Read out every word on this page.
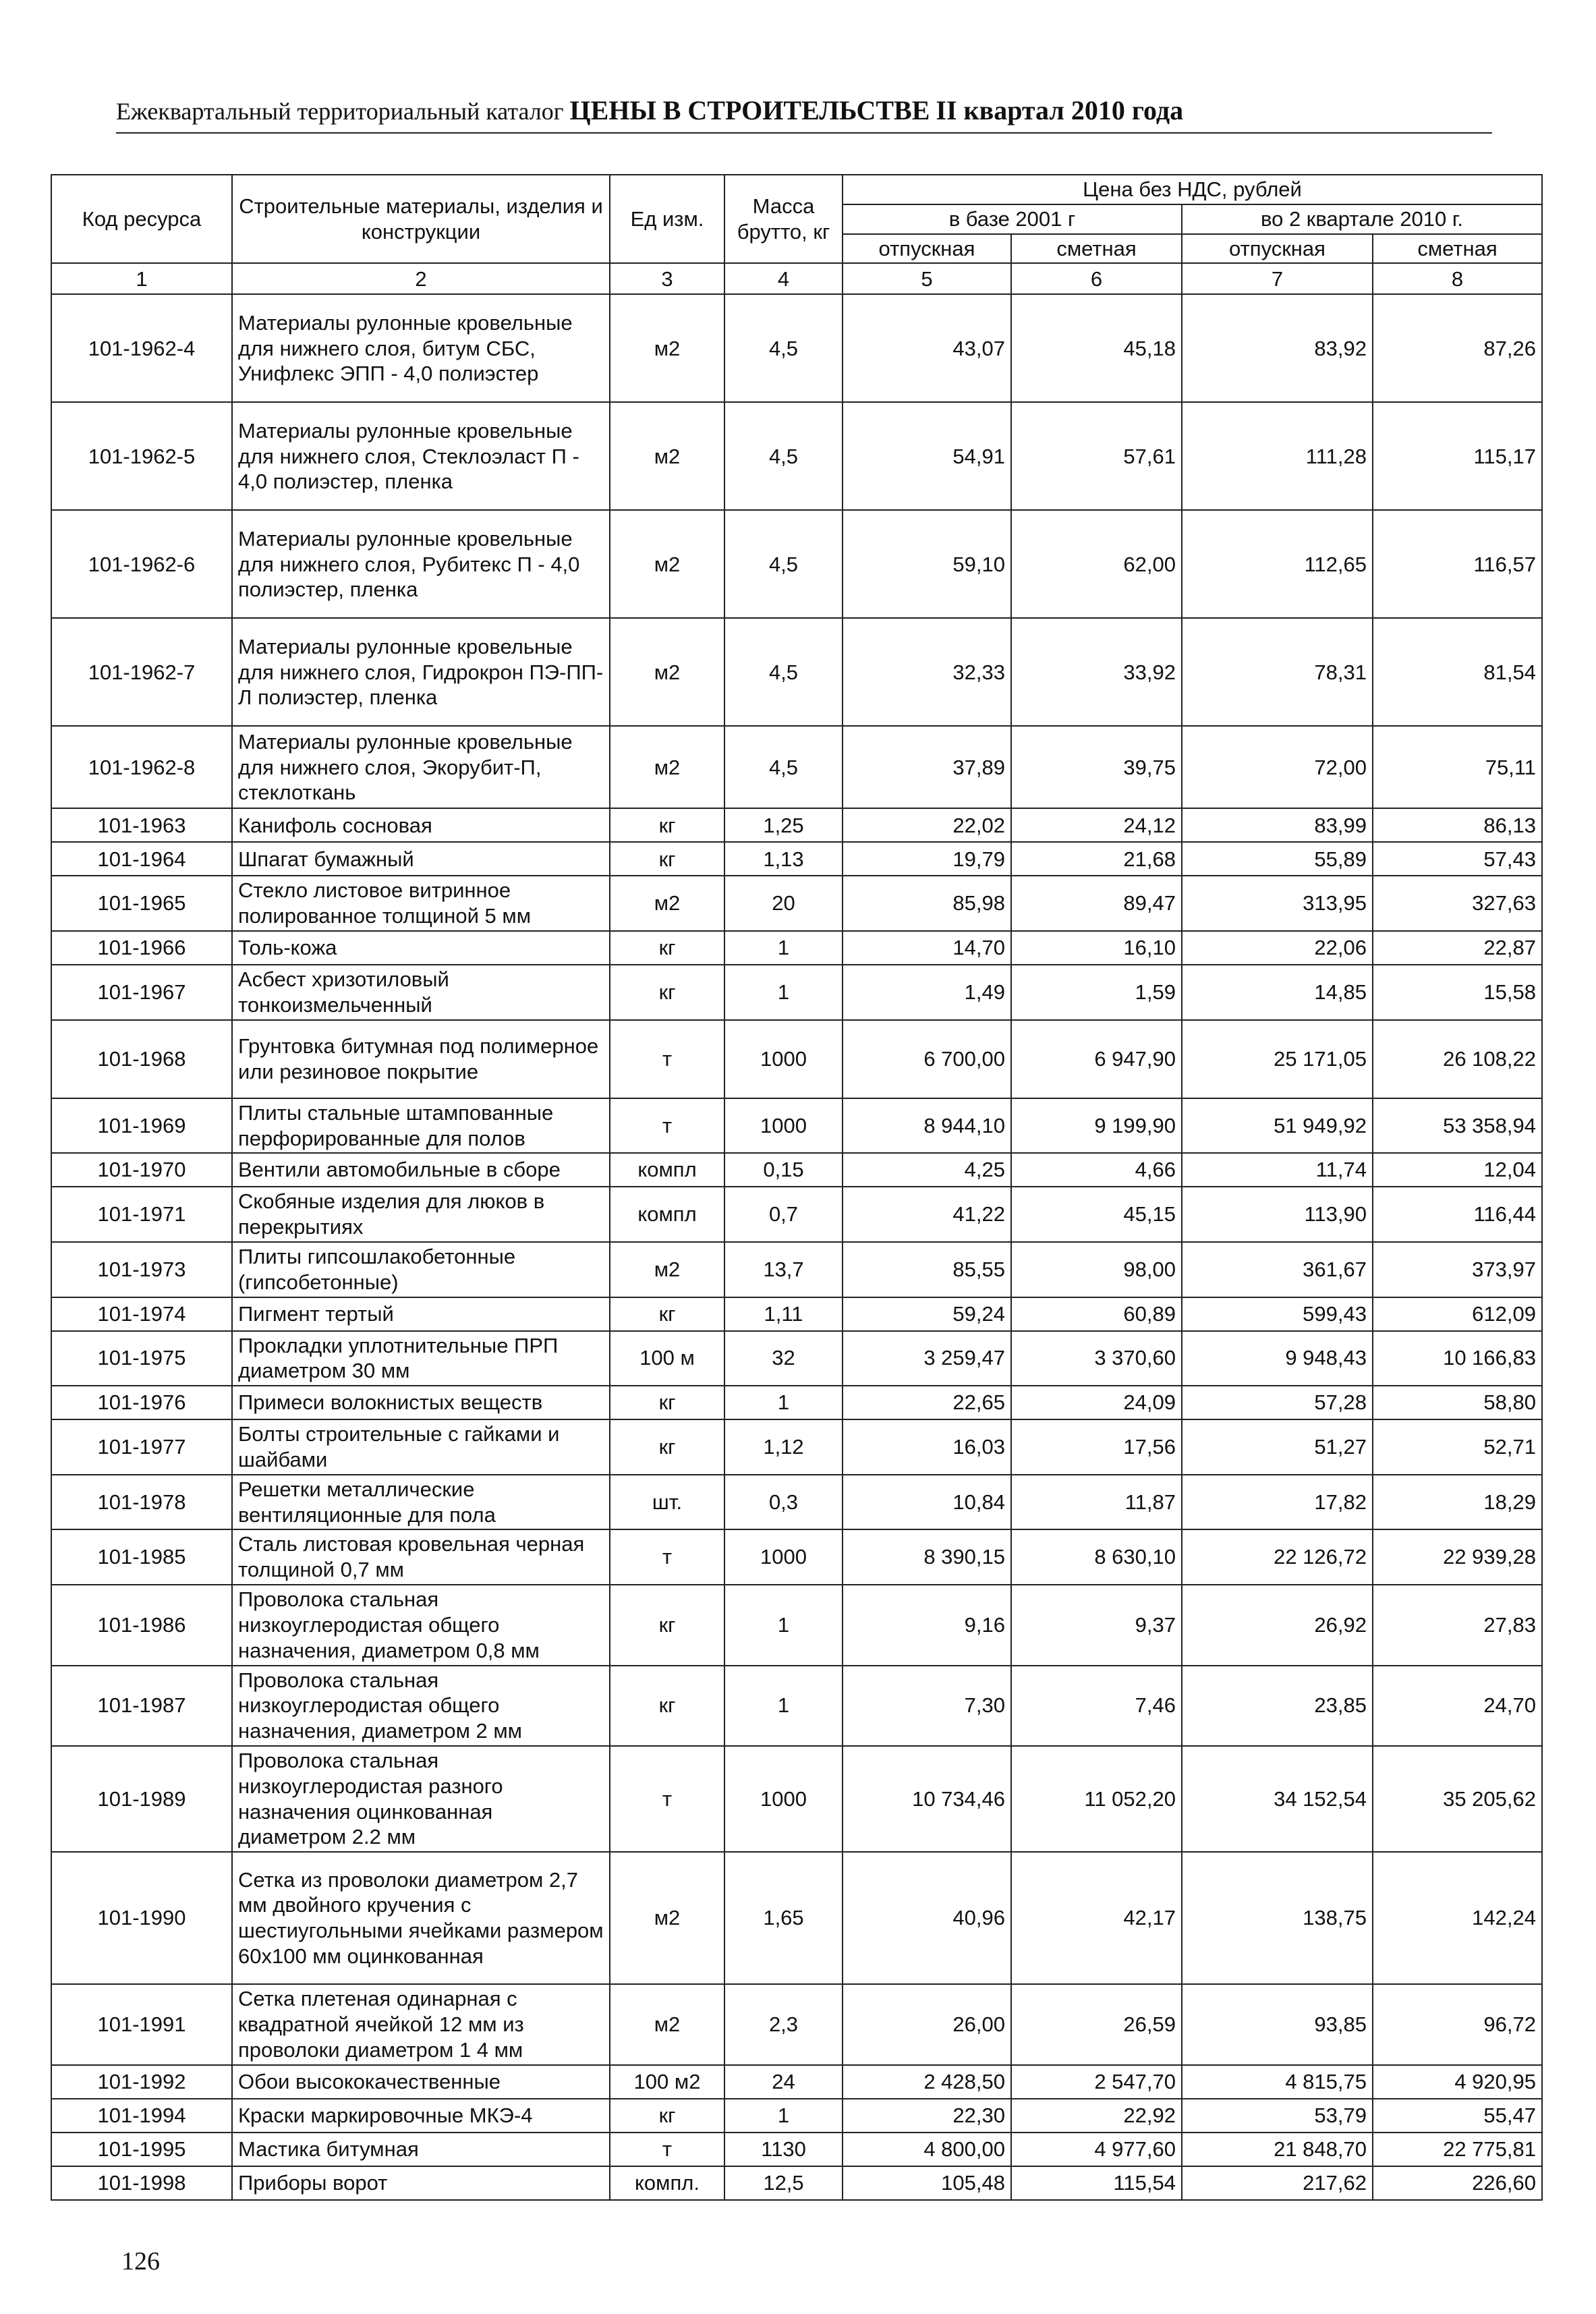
Ежеквартальный территориальный каталог ЦЕНЫ В СТРОИТЕЛЬСТВЕ II квартал 2010 года
Код ресурса	Строительные материалы, изделия и конструкции	Ед изм.	Масса брутто, кг	Цена без НДС, рублей			
				в базе 2001 г		во 2 квартале 2010 г.	
				отпускная	сметная	отпускная	сметная
1	2	3	4	5	6	7	8
101-1962-4	Материалы рулонные кровельные для нижнего слоя, битум СБС, Унифлекс ЭПП - 4,0 полиэстер	м2	4,5	43,07	45,18	83,92	87,26
101-1962-5	Материалы рулонные кровельные для нижнего слоя, Стеклоэласт П - 4,0 полиэстер, пленка	м2	4,5	54,91	57,61	111,28	115,17
101-1962-6	Материалы рулонные кровельные для нижнего слоя, Рубитекс П - 4,0 полиэстер, пленка	м2	4,5	59,10	62,00	112,65	116,57
101-1962-7	Материалы рулонные кровельные для нижнего слоя, Гидрокрон ПЭ-ПП-Л полиэстер, пленка	м2	4,5	32,33	33,92	78,31	81,54
101-1962-8	Материалы рулонные кровельные для нижнего слоя, Экорубит-П, стеклоткань	м2	4,5	37,89	39,75	72,00	75,11
101-1963	Канифоль сосновая	кг	1,25	22,02	24,12	83,99	86,13
101-1964	Шпагат бумажный	кг	1,13	19,79	21,68	55,89	57,43
101-1965	Стекло листовое витринное полированное толщиной 5 мм	м2	20	85,98	89,47	313,95	327,63
101-1966	Толь-кожа	кг	1	14,70	16,10	22,06	22,87
101-1967	Асбест хризотиловый тонкоизмельченный	кг	1	1,49	1,59	14,85	15,58
101-1968	Грунтовка битумная под полимерное или резиновое покрытие	т	1000	6 700,00	6 947,90	25 171,05	26 108,22
101-1969	Плиты стальные штампованные перфорированные для полов	т	1000	8 944,10	9 199,90	51 949,92	53 358,94
101-1970	Вентили автомобильные в сборе	компл	0,15	4,25	4,66	11,74	12,04
101-1971	Скобяные изделия для люков в перекрытиях	компл	0,7	41,22	45,15	113,90	116,44
101-1973	Плиты гипсошлакобетонные (гипсобетонные)	м2	13,7	85,55	98,00	361,67	373,97
101-1974	Пигмент тертый	кг	1,11	59,24	60,89	599,43	612,09
101-1975	Прокладки уплотнительные ПРП диаметром 30 мм	100 м	32	3 259,47	3 370,60	9 948,43	10 166,83
101-1976	Примеси волокнистых веществ	кг	1	22,65	24,09	57,28	58,80
101-1977	Болты строительные с гайками и шайбами	кг	1,12	16,03	17,56	51,27	52,71
101-1978	Решетки металлические вентиляционные для пола	шт.	0,3	10,84	11,87	17,82	18,29
101-1985	Сталь листовая кровельная черная толщиной 0,7 мм	т	1000	8 390,15	8 630,10	22 126,72	22 939,28
101-1986	Проволока стальная низкоуглеродистая общего назначения, диаметром 0,8 мм	кг	1	9,16	9,37	26,92	27,83
101-1987	Проволока стальная низкоуглеродистая общего назначения, диаметром 2 мм	кг	1	7,30	7,46	23,85	24,70
101-1989	Проволока стальная низкоуглеродистая разного назначения оцинкованная диаметром 2.2 мм	т	1000	10 734,46	11 052,20	34 152,54	35 205,62
101-1990	Сетка из проволоки диаметром 2,7 мм двойного кручения с шестиугольными ячейками размером 60х100 мм оцинкованная	м2	1,65	40,96	42,17	138,75	142,24
101-1991	Сетка плетеная одинарная с квадратной ячейкой 12 мм из проволоки диаметром 1 4 мм	м2	2,3	26,00	26,59	93,85	96,72
101-1992	Обои высококачественные	100 м2	24	2 428,50	2 547,70	4 815,75	4 920,95
101-1994	Краски маркировочные МКЭ-4	кг	1	22,30	22,92	53,79	55,47
101-1995	Мастика битумная	т	1130	4 800,00	4 977,60	21 848,70	22 775,81
101-1998	Приборы ворот	компл.	12,5	105,48	115,54	217,62	226,60
126
